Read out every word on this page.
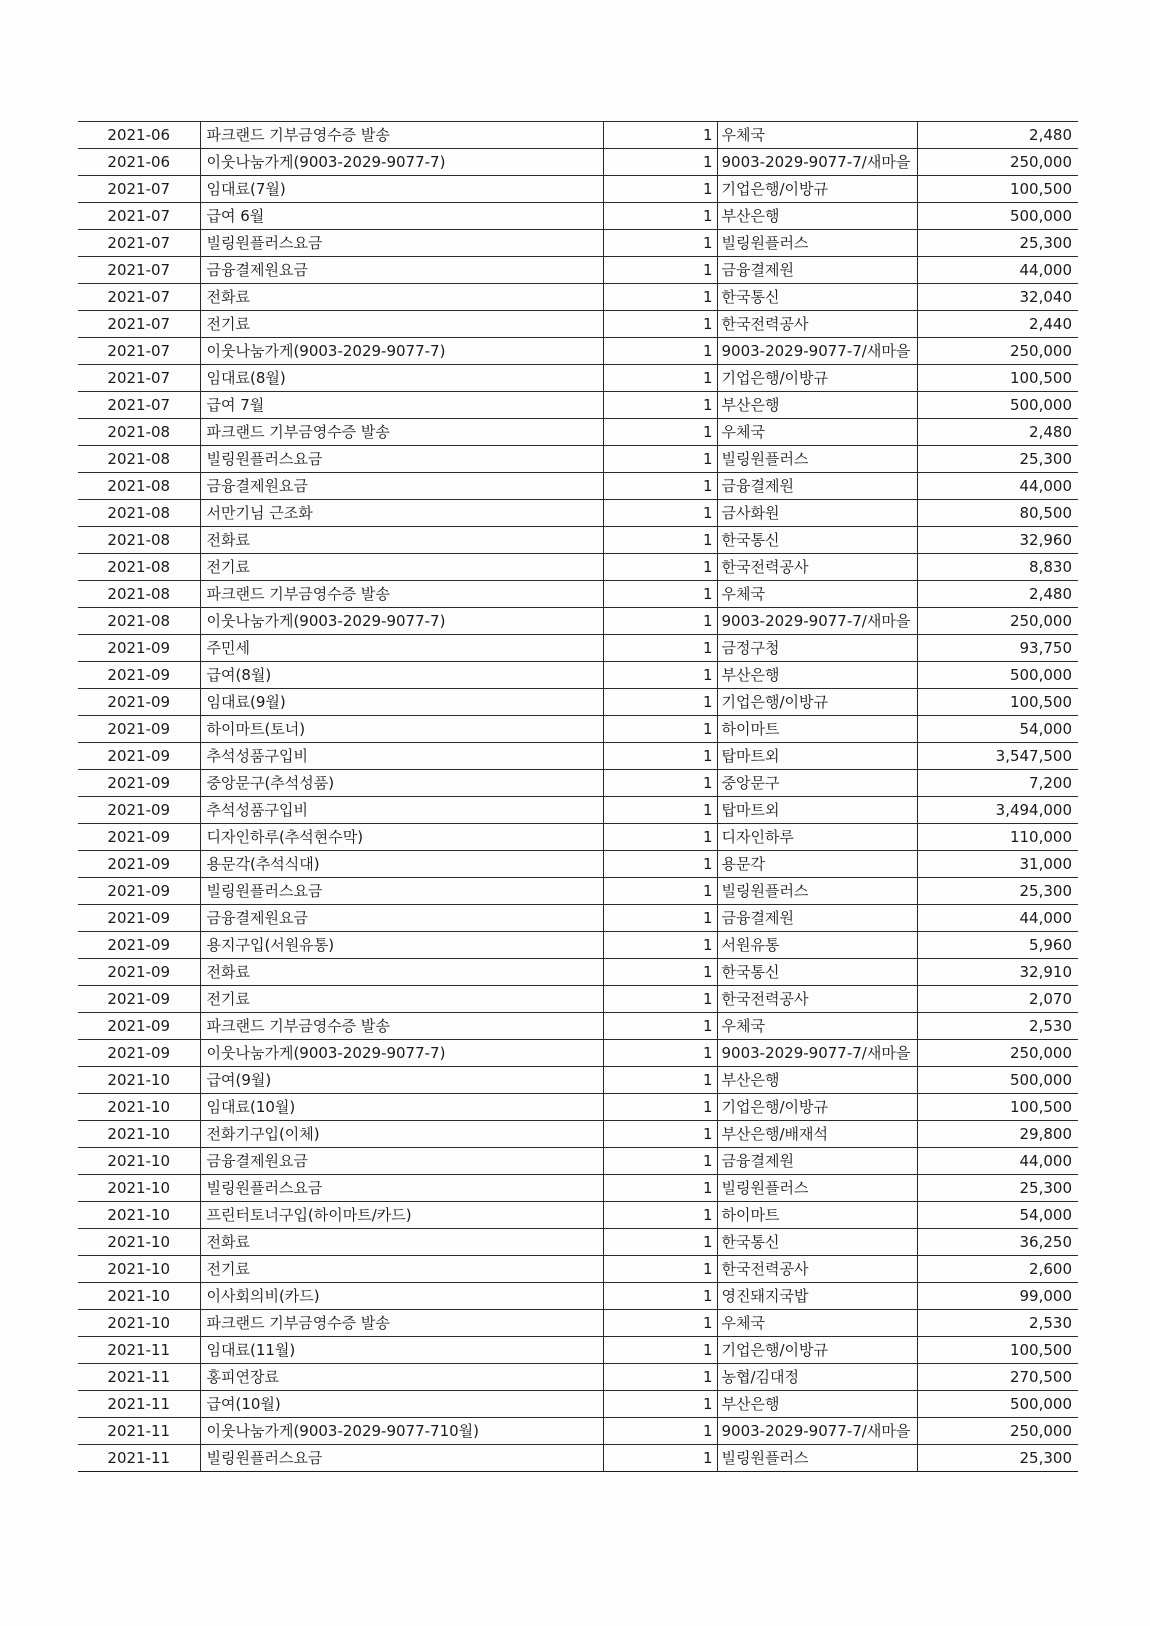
2021-06	파크랜드 기부금영수증 발송	1	우체국	2,480
2021-06	이웃나눔가게(9003-2029-9077-7)	1	9003-2029-9077-7/새마을	250,000
2021-07	임대료(7월)	1	기업은행/이방규	100,500
2021-07	급여 6월	1	부산은행	500,000
2021-07	빌링원플러스요금	1	빌링원플러스	25,300
2021-07	금융결제원요금	1	금융결제원	44,000
2021-07	전화료	1	한국통신	32,040
2021-07	전기료	1	한국전력공사	2,440
2021-07	이웃나눔가게(9003-2029-9077-7)	1	9003-2029-9077-7/새마을	250,000
2021-07	임대료(8월)	1	기업은행/이방규	100,500
2021-07	급여 7월	1	부산은행	500,000
2021-08	파크랜드 기부금영수증 발송	1	우체국	2,480
2021-08	빌링원플러스요금	1	빌링원플러스	25,300
2021-08	금융결제원요금	1	금융결제원	44,000
2021-08	서만기님 근조화	1	금사화원	80,500
2021-08	전화료	1	한국통신	32,960
2021-08	전기료	1	한국전력공사	8,830
2021-08	파크랜드 기부금영수증 발송	1	우체국	2,480
2021-08	이웃나눔가게(9003-2029-9077-7)	1	9003-2029-9077-7/새마을	250,000
2021-09	주민세	1	금정구청	93,750
2021-09	급여(8월)	1	부산은행	500,000
2021-09	임대료(9월)	1	기업은행/이방규	100,500
2021-09	하이마트(토너)	1	하이마트	54,000
2021-09	추석성품구입비	1	탑마트외	3,547,500
2021-09	중앙문구(추석성품)	1	중앙문구	7,200
2021-09	추석성품구입비	1	탑마트외	3,494,000
2021-09	디자인하루(추석현수막)	1	디자인하루	110,000
2021-09	용문각(추석식대)	1	용문각	31,000
2021-09	빌링원플러스요금	1	빌링원플러스	25,300
2021-09	금융결제원요금	1	금융결제원	44,000
2021-09	용지구입(서원유통)	1	서원유통	5,960
2021-09	전화료	1	한국통신	32,910
2021-09	전기료	1	한국전력공사	2,070
2021-09	파크랜드 기부금영수증 발송	1	우체국	2,530
2021-09	이웃나눔가게(9003-2029-9077-7)	1	9003-2029-9077-7/새마을	250,000
2021-10	급여(9월)	1	부산은행	500,000
2021-10	임대료(10월)	1	기업은행/이방규	100,500
2021-10	전화기구입(이체)	1	부산은행/배재석	29,800
2021-10	금융결제원요금	1	금융결제원	44,000
2021-10	빌링원플러스요금	1	빌링원플러스	25,300
2021-10	프린터토너구입(하이마트/카드)	1	하이마트	54,000
2021-10	전화료	1	한국통신	36,250
2021-10	전기료	1	한국전력공사	2,600
2021-10	이사회의비(카드)	1	영진돼지국밥	99,000
2021-10	파크랜드 기부금영수증 발송	1	우체국	2,530
2021-11	임대료(11월)	1	기업은행/이방규	100,500
2021-11	홍피연장료	1	농협/김대정	270,500
2021-11	급여(10월)	1	부산은행	500,000
2021-11	이웃나눔가게(9003-2029-9077-710월)	1	9003-2029-9077-7/새마을	250,000
2021-11	빌링원플러스요금	1	빌링원플러스	25,300
